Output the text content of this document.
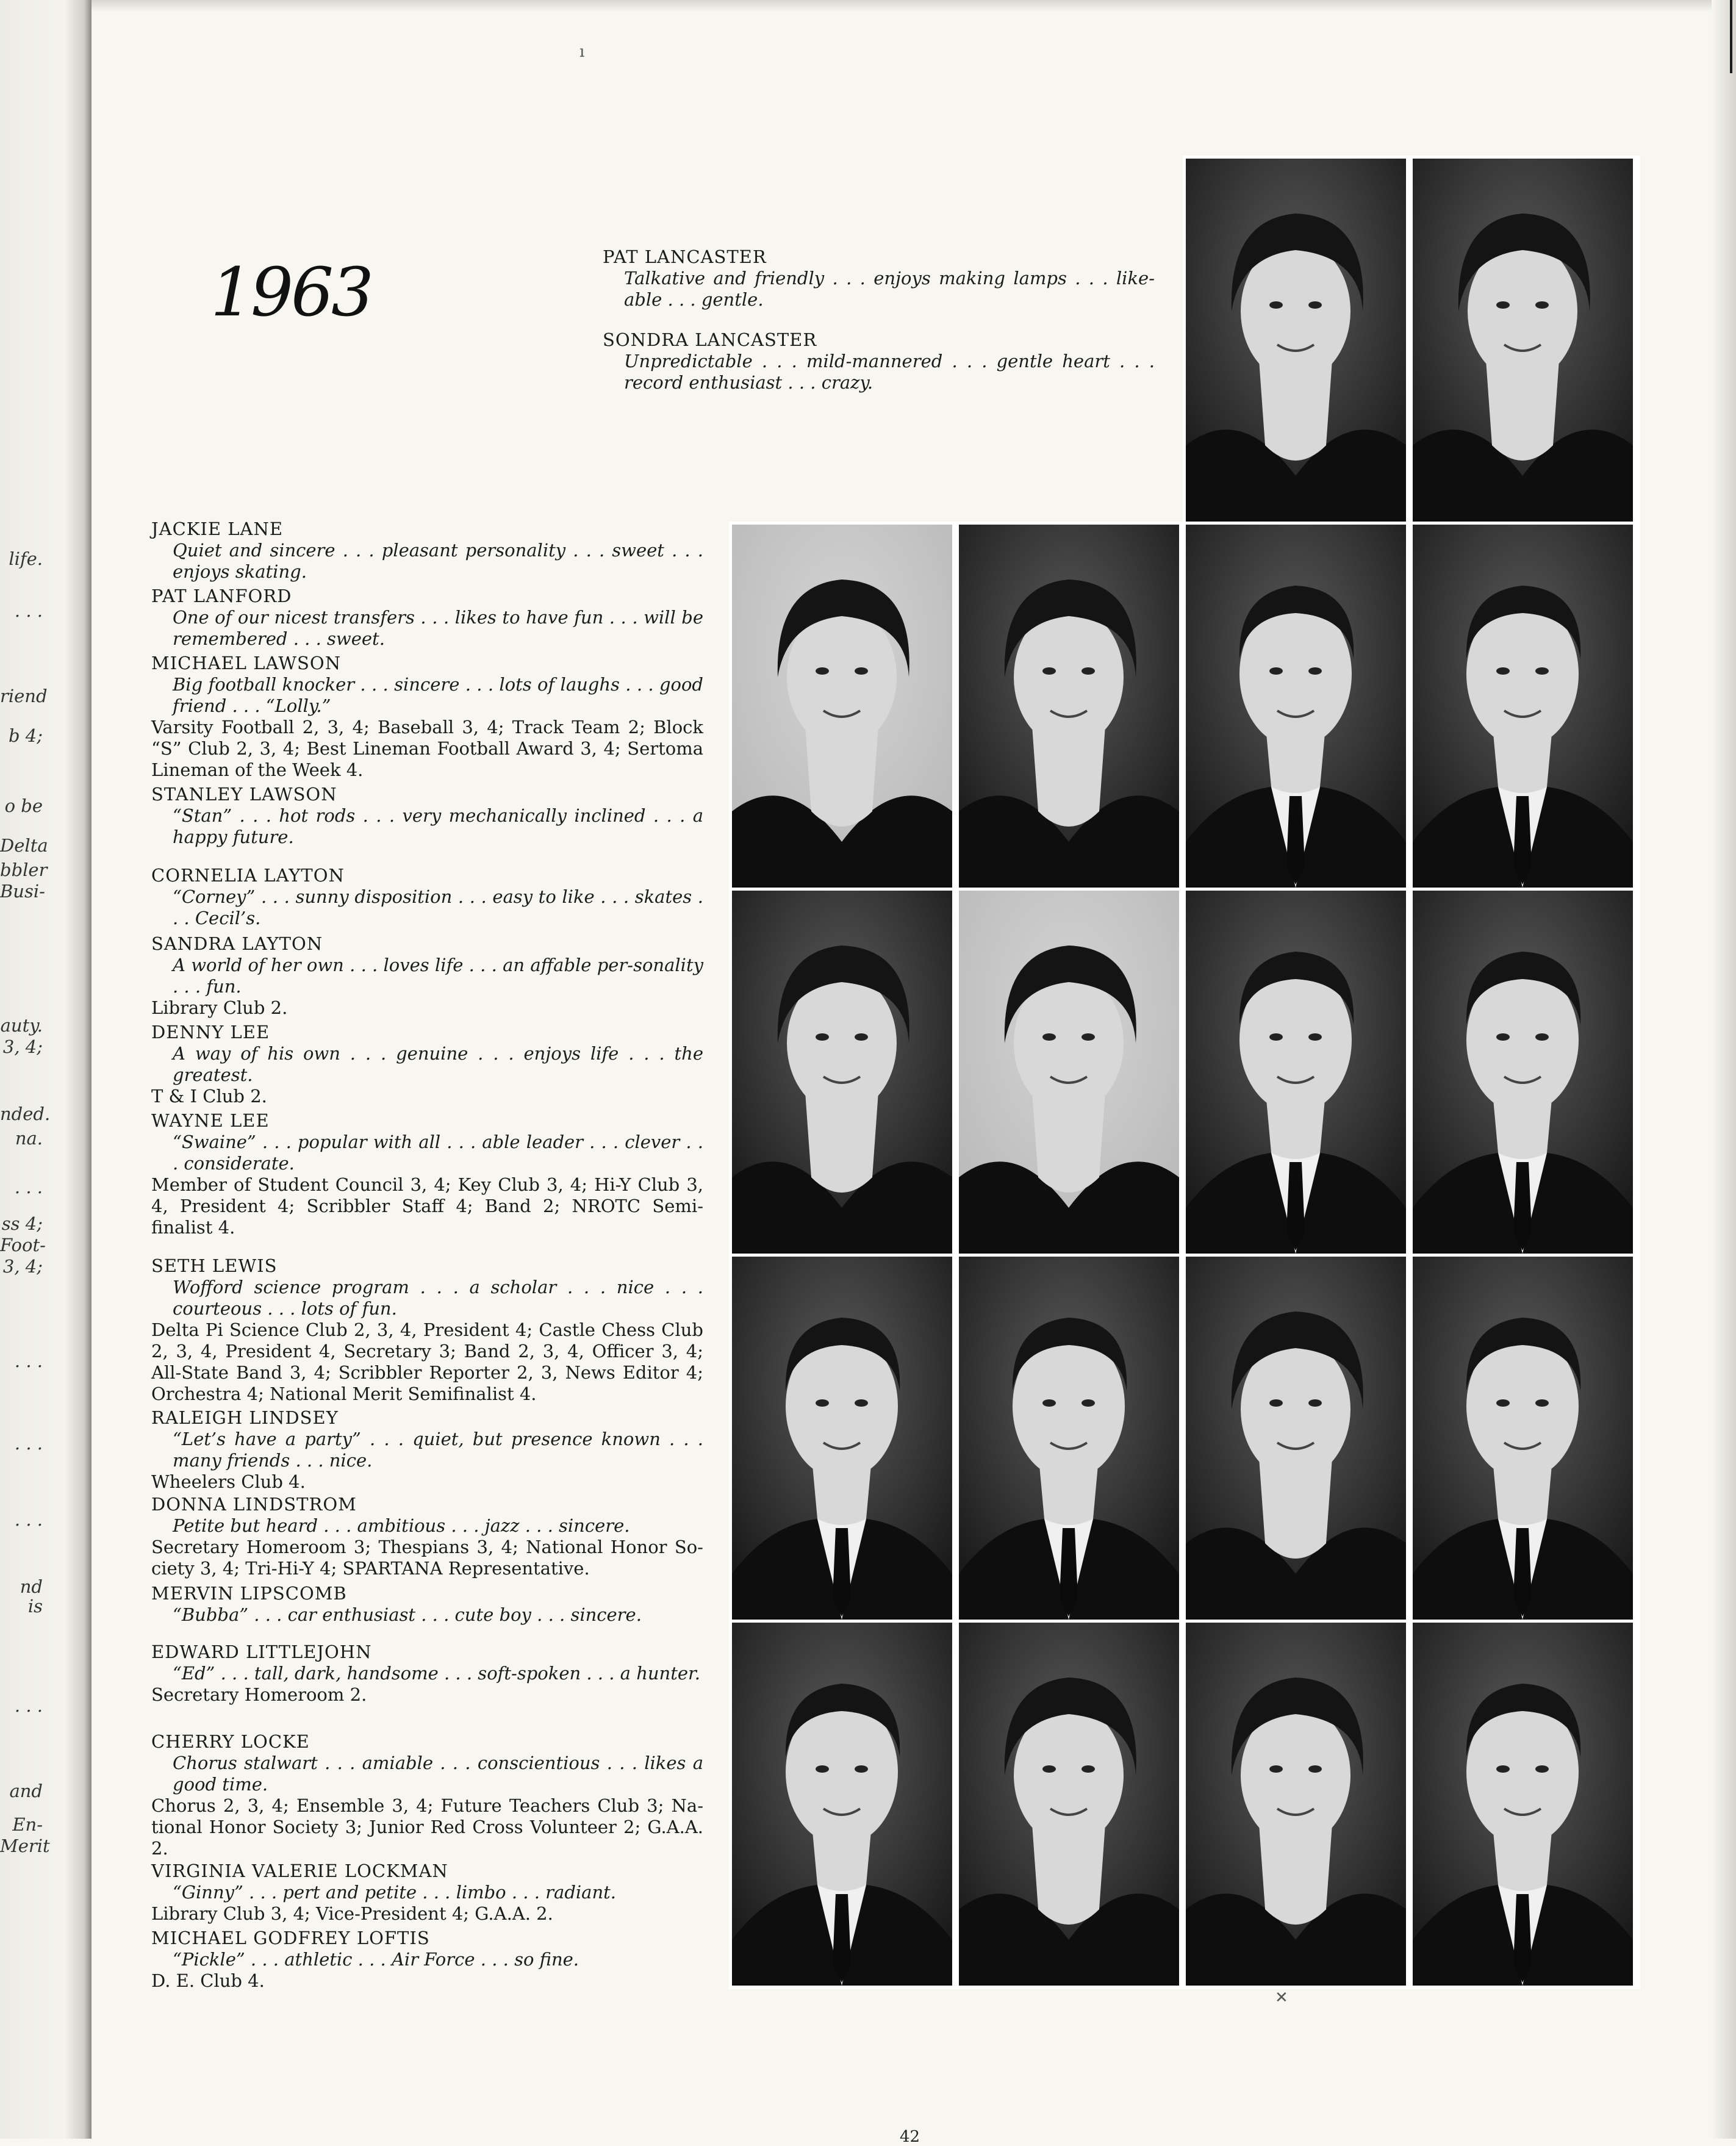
life.
. . .
riend
b 4;
o be
Delta
bbler
Busi-
auty.
3, 4;
nded.
na.
. . .
ss 4;
Foot-
3, 4;
. . .
. . .
. . .
nd is
. . .
and
En-
Merit
1963	PAT LANCASTER
Talkative and friendly . . . enjoys making lamps . . . like-able . . . gentle.
SONDRA LANCASTER
Unpredictable . . . mild-mannered . . . gentle heart . . . record enthusiast . . . crazy.
JACKIE LANE
Quiet and sincere . . . pleasant personality . . . sweet . . . enjoys skating.
PAT LANFORD
One of our nicest transfers . . . likes to have fun . . . will be remembered . . . sweet.
MICHAEL LAWSON
Big football knocker . . . sincere . . . lots of laughs . . . good friend . . . “Lolly.”
Varsity Football 2, 3, 4; Baseball 3, 4; Track Team 2; Block “S” Club 2, 3, 4; Best Lineman Football Award 3, 4; Sertoma Lineman of the Week 4.
STANLEY LAWSON
“Stan” . . . hot rods . . . very mechanically inclined . . . a happy future.
CORNELIA LAYTON
“Corney” . . . sunny disposition . . . easy to like . . . skates . . . Cecil’s.
SANDRA LAYTON
A world of her own . . . loves life . . . an affable per-sonality . . . fun.
Library Club 2.
DENNY LEE
A way of his own . . . genuine . . . enjoys life . . . the greatest.
T & I Club 2.
WAYNE LEE
“Swaine” . . . popular with all . . . able leader . . . clever . . . considerate.
Member of Student Council 3, 4; Key Club 3, 4; Hi-Y Club 3, 4, President 4; Scribbler Staff 4; Band 2; NROTC Semi-finalist 4.
SETH LEWIS
Wofford science program . . . a scholar . . . nice . . . courteous . . . lots of fun.
Delta Pi Science Club 2, 3, 4, President 4; Castle Chess Club 2, 3, 4, President 4, Secretary 3; Band 2, 3, 4, Officer 3, 4; All-State Band 3, 4; Scribbler Reporter 2, 3, News Editor 4; Orchestra 4; National Merit Semifinalist 4.
RALEIGH LINDSEY
“Let’s have a party” . . . quiet, but presence known . . . many friends . . . nice.
Wheelers Club 4.
DONNA LINDSTROM
Petite but heard . . . ambitious . . . jazz . . . sincere.
Secretary Homeroom 3; Thespians 3, 4; National Honor So-ciety 3, 4; Tri-Hi-Y 4; SPARTANA Representative.
MERVIN LIPSCOMB
“Bubba” . . . car enthusiast . . . cute boy . . . sincere.
EDWARD LITTLEJOHN
“Ed” . . . tall, dark, handsome . . . soft-spoken . . . a hunter.
Secretary Homeroom 2.
CHERRY LOCKE
Chorus stalwart . . . amiable . . . conscientious . . . likes a good time.
Chorus 2, 3, 4; Ensemble 3, 4; Future Teachers Club 3; Na-tional Honor Society 3; Junior Red Cross Volunteer 2; G.A.A. 2.
VIRGINIA VALERIE LOCKMAN
“Ginny” . . . pert and petite . . . limbo . . . radiant.
Library Club 3, 4; Vice-President 4; G.A.A. 2.
MICHAEL GODFREY LOFTIS
“Pickle” . . . athletic . . . Air Force . . . so fine.
D. E. Club 4.
42
ı
✕
